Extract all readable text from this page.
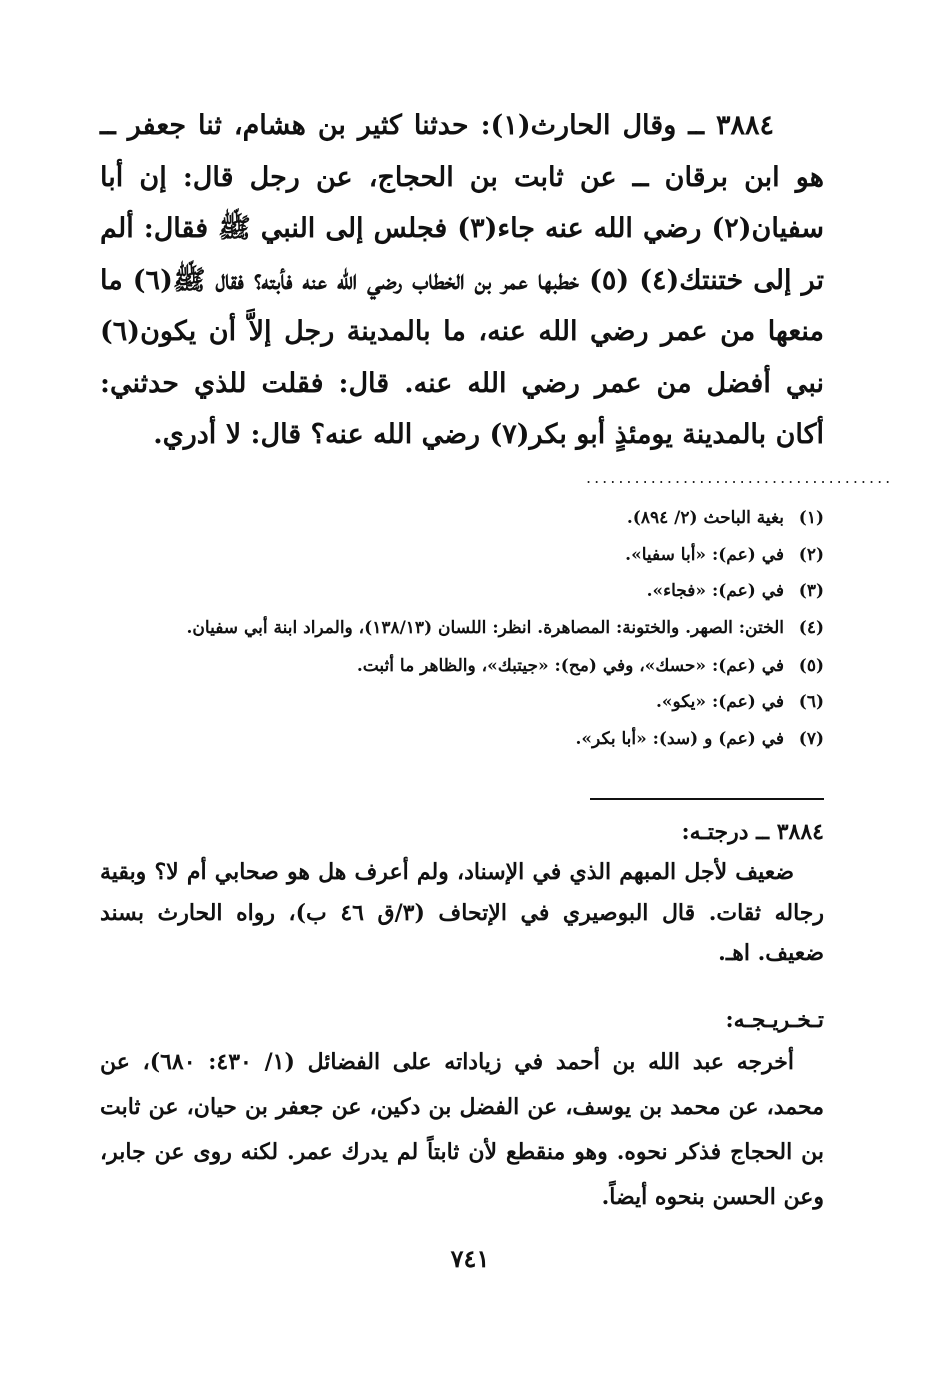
٣٨٨٤ ــ وقال الحارث(١): حدثنا كثير بن هشام، ثنا جعفر ــ هو ابن برقان ــ عن ثابت بن الحجاج، عن رجل قال: إن أبا سفيان(٢) رضي الله عنه جاء(٣) فجلس إلى النبي ﷺ فقال: ألم تر إلى ختنتك(٤) (٥) خطبها عمر بن الخطاب رضي الله عنه فأبته؟ فقال ﷺ(٦) ما منعها من عمر رضي الله عنه، ما بالمدينة رجل إلاَّ أن يكون(٦) نبي أفضل من عمر رضي الله عنه. قال: فقلت للذي حدثني: أكان بالمدينة يومئذٍ أبو بكر(٧) رضي الله عنه؟ قال: لا أدري.

......................................
(١)
بغية الباحث (٢/ ٨٩٤).
(٢)
في (عم): «أبا سفيا».
(٣)
في (عم): «فجاء».
(٤)
الختن: الصهر. والختونة: المصاهرة. انظر: اللسان (١٣٨/١٣)، والمراد ابنة أبي سفيان.
(٥)
في (عم): «حسك»، وفي (مح): «جيتبك»، والظاهر ما أثبت.
(٦)
في (عم): «يكو».
(٧)
في (عم) و (سد): «أبا بكر».
٣٨٨٤ ــ درجتـه:

ضعيف لأجل المبهم الذي في الإسناد، ولم أعرف هل هو صحابي أم لا؟ وبقية رجاله ثقات. قال البوصيري في الإتحاف (٣/ق ٤٦ ب)، رواه الحارث بسند ضعيف. اهـ.

تـخـريـجـه:

أخرجه عبد الله بن أحمد في زياداته على الفضائل (١/ ٤٣٠: ٦٨٠)، عن محمد، عن محمد بن يوسف، عن الفضل بن دكين، عن جعفر بن حيان، عن ثابت بن الحجاج فذكر نحوه. وهو منقطع لأن ثابتاً لم يدرك عمر. لكنه روى عن جابر، وعن الحسن بنحوه أيضاً.

٧٤١
